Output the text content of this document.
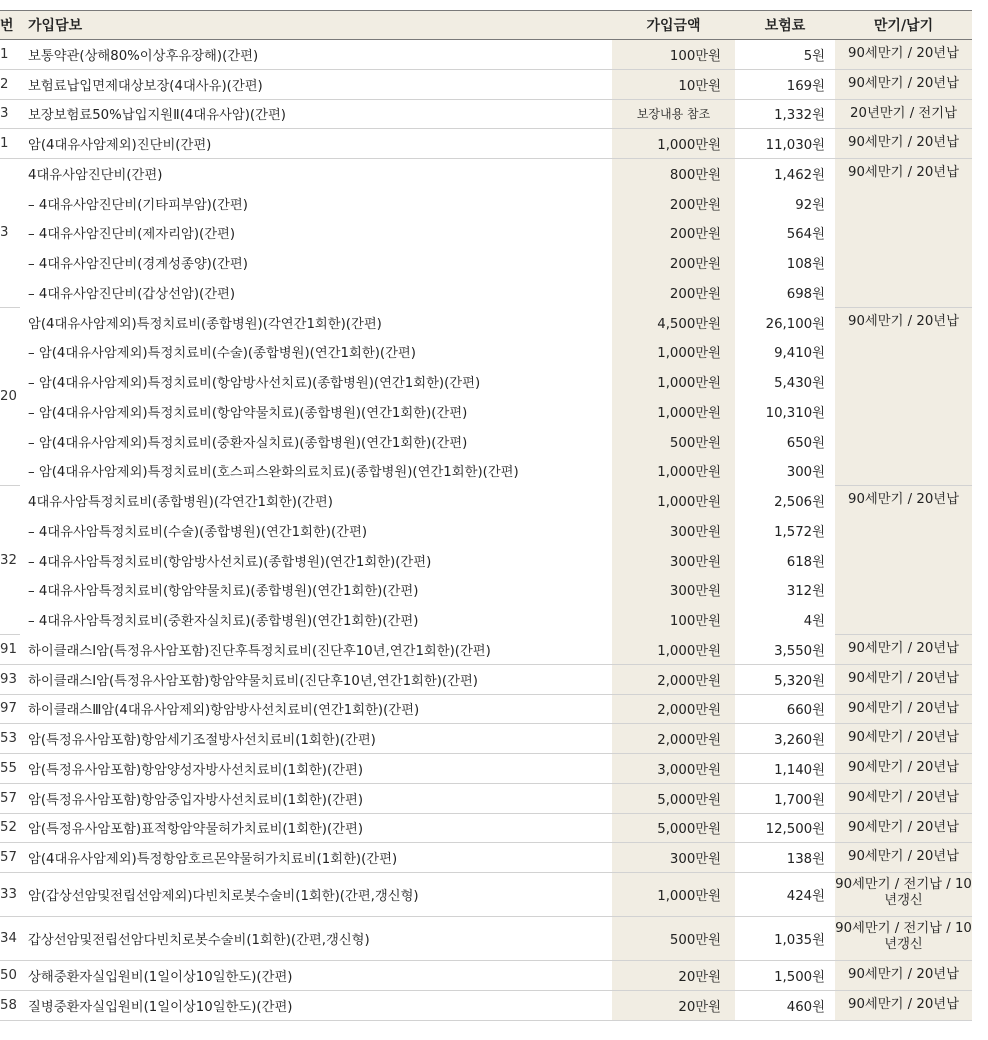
번	가입담보	가입금액	보험료	만기/납기
1	보통약관(상해80%이상후유장해)(간편)	100만원	5원	90세만기 / 20년납
2	보험료납입면제대상보장(4대사유)(간편)	10만원	169원	90세만기 / 20년납
3	보장보험료50%납입지원Ⅱ(4대유사암)(간편)	보장내용 참조	1,332원	20년만기 / 전기납
1	암(4대유사암제외)진단비(간편)	1,000만원	11,030원	90세만기 / 20년납
3	4대유사암진단비(간편)	800만원	1,462원	90세만기 / 20년납
	– 4대유사암진단비(기타피부암)(간편)	200만원	92원	
	– 4대유사암진단비(제자리암)(간편)	200만원	564원	
	– 4대유사암진단비(경계성종양)(간편)	200만원	108원	
	– 4대유사암진단비(갑상선암)(간편)	200만원	698원	
20	암(4대유사암제외)특정치료비(종합병원)(각연간1회한)(간편)	4,500만원	26,100원	90세만기 / 20년납
	– 암(4대유사암제외)특정치료비(수술)(종합병원)(연간1회한)(간편)	1,000만원	9,410원	
	– 암(4대유사암제외)특정치료비(항암방사선치료)(종합병원)(연간1회한)(간편)	1,000만원	5,430원	
	– 암(4대유사암제외)특정치료비(항암약물치료)(종합병원)(연간1회한)(간편)	1,000만원	10,310원	
	– 암(4대유사암제외)특정치료비(중환자실치료)(종합병원)(연간1회한)(간편)	500만원	650원	
	– 암(4대유사암제외)특정치료비(호스피스완화의료치료)(종합병원)(연간1회한)(간편)	1,000만원	300원	
32	4대유사암특정치료비(종합병원)(각연간1회한)(간편)	1,000만원	2,506원	90세만기 / 20년납
	– 4대유사암특정치료비(수술)(종합병원)(연간1회한)(간편)	300만원	1,572원	
	– 4대유사암특정치료비(항암방사선치료)(종합병원)(연간1회한)(간편)	300만원	618원	
	– 4대유사암특정치료비(항암약물치료)(종합병원)(연간1회한)(간편)	300만원	312원	
	– 4대유사암특정치료비(중환자실치료)(종합병원)(연간1회한)(간편)	100만원	4원	
91	하이클래스Ⅰ암(특정유사암포함)진단후특정치료비(진단후10년,연간1회한)(간편)	1,000만원	3,550원	90세만기 / 20년납
93	하이클래스Ⅰ암(특정유사암포함)항암약물치료비(진단후10년,연간1회한)(간편)	2,000만원	5,320원	90세만기 / 20년납
97	하이클래스Ⅲ암(4대유사암제외)항암방사선치료비(연간1회한)(간편)	2,000만원	660원	90세만기 / 20년납
53	암(특정유사암포함)항암세기조절방사선치료비(1회한)(간편)	2,000만원	3,260원	90세만기 / 20년납
55	암(특정유사암포함)항암양성자방사선치료비(1회한)(간편)	3,000만원	1,140원	90세만기 / 20년납
57	암(특정유사암포함)항암중입자방사선치료비(1회한)(간편)	5,000만원	1,700원	90세만기 / 20년납
52	암(특정유사암포함)표적항암약물허가치료비(1회한)(간편)	5,000만원	12,500원	90세만기 / 20년납
57	암(4대유사암제외)특정항암호르몬약물허가치료비(1회한)(간편)	300만원	138원	90세만기 / 20년납
33	암(갑상선암및전립선암제외)다빈치로봇수술비(1회한)(간편,갱신형)	1,000만원	424원	90세만기 / 전기납 / 10년갱신
34	갑상선암및전립선암다빈치로봇수술비(1회한)(간편,갱신형)	500만원	1,035원	90세만기 / 전기납 / 10년갱신
50	상해중환자실입원비(1일이상10일한도)(간편)	20만원	1,500원	90세만기 / 20년납
58	질병중환자실입원비(1일이상10일한도)(간편)	20만원	460원	90세만기 / 20년납
